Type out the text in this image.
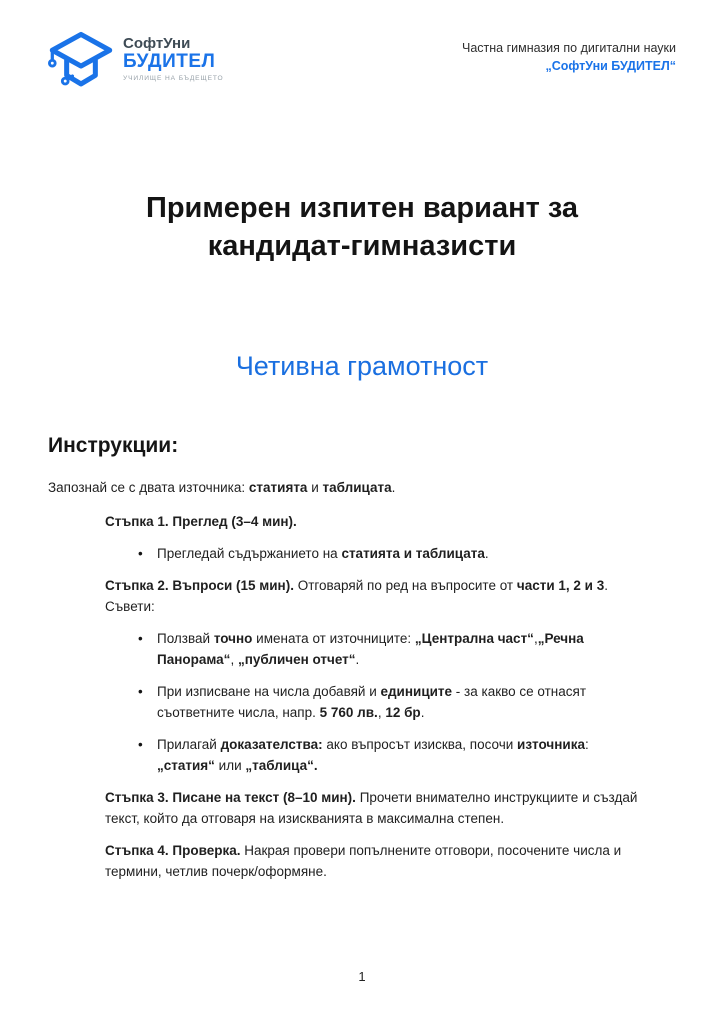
СофтУни
БУДИТЕЛ
УЧИЛИЩЕ НА БЪДЕЩЕТО
Частна гимназия по дигитални науки
„СофтУни БУДИТЕЛ“
Примерен изпитен вариант за кандидат-гимназисти
Четивна грамотност
Инструкции:

Запознай се с двата източника: статията и таблицата.

Стъпка 1. Преглед (3–4 мин).

• Прегледай съдържанието на статията и таблицата.

Стъпка 2. Въпроси (15 мин). Отговаряй по ред на въпросите от части 1, 2 и 3. Съвети:

• Ползвай точно имената от източниците: „Централна част“,„Речна Панорама“, „публичен отчет“.
• При изписване на числа добавяй и единиците - за какво се отнасят съответните числа, напр. 5 760 лв., 12 бр.
• Прилагай доказателства: ако въпросът изисква, посочи източника: „статия“ или „таблица“.

Стъпка 3. Писане на текст (8–10 мин). Прочети внимателно инструкциите и създай текст, който да отговаря на изискванията в максимална степен.

Стъпка 4. Проверка. Накрая провери попълнените отговори, посочените числа и термини, четлив почерк/оформяне.

1
